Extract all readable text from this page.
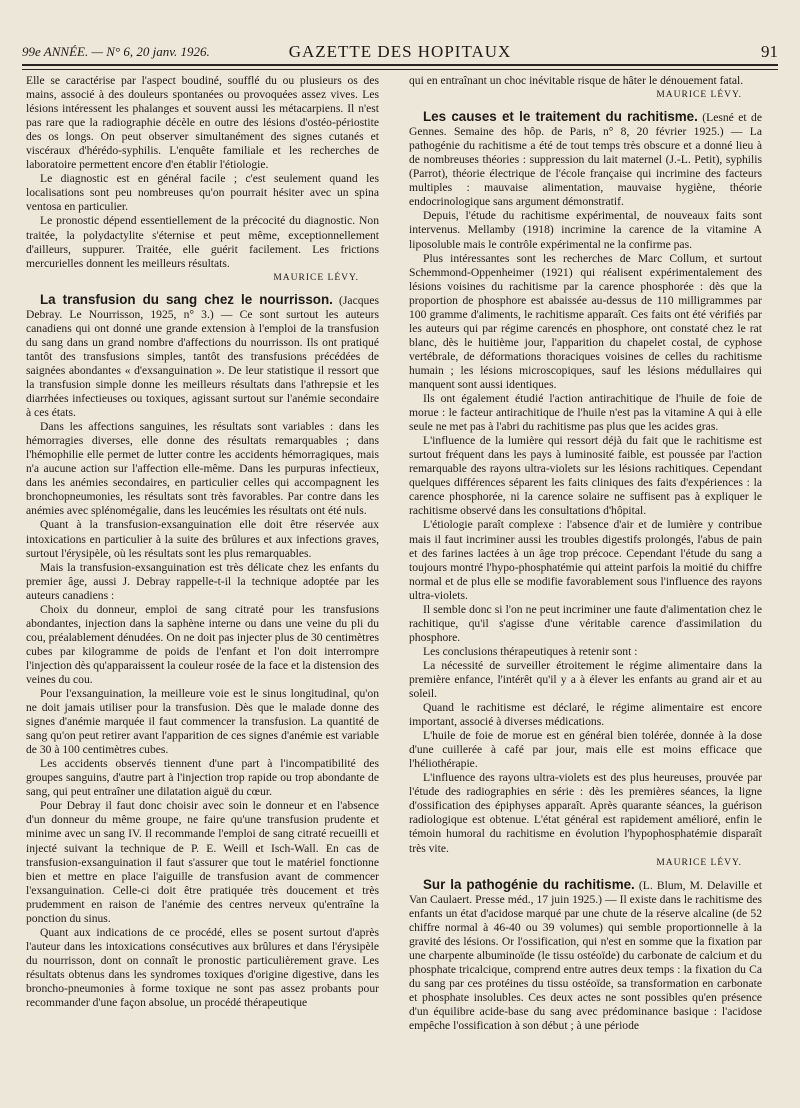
99e ANNÉE. — N° 6, 20 janv. 1926.	GAZETTE DES HOPITAUX	91

Elle se caractérise par l'aspect boudiné, soufflé du ou plusieurs os des mains, associé à des douleurs spontanées ou provoquées assez vives. Les lésions intéressent les phalanges et souvent aussi les métacarpiens. Il n'est pas rare que la radiographie décèle en outre des lésions d'ostéo-périostite des os longs. On peut observer simultanément des signes cutanés et viscéraux d'hérédo-syphilis. L'enquête familiale et les recherches de laboratoire permettent encore d'en établir l'étiologie.

Le diagnostic est en général facile ; c'est seulement quand les localisations sont peu nombreuses qu'on pourrait hésiter avec un spina ventosa en particulier.

Le pronostic dépend essentiellement de la précocité du diagnostic. Non traitée, la polydactylite s'éternise et peut même, exceptionnellement d'ailleurs, suppurer. Traitée, elle guérit facilement. Les frictions mercurielles donnent les meilleurs résultats.

MAURICE LÉVY.

La transfusion du sang chez le nourrisson. (Jacques Debray. Le Nourrisson, 1925, n° 3.) — Ce sont surtout les auteurs canadiens qui ont donné une grande extension à l'emploi de la transfusion du sang dans un grand nombre d'affections du nourrisson. Ils ont pratiqué tantôt des transfusions simples, tantôt des transfusions précédées de saignées abondantes « d'exsanguination ». De leur statistique il ressort que la transfusion simple donne les meilleurs résultats dans l'athrepsie et les diarrhées infectieuses ou toxiques, agissant surtout sur l'anémie secondaire à ces états.

Dans les affections sanguines, les résultats sont variables : dans les hémorragies diverses, elle donne des résultats remarquables ; dans l'hémophilie elle permet de lutter contre les accidents hémorragiques, mais n'a aucune action sur l'affection elle-même. Dans les purpuras infectieux, dans les anémies secondaires, en particulier celles qui accompagnent les bronchopneumonies, les résultats sont très favorables. Par contre dans les anémies avec splénomégalie, dans les leucémies les résultats ont été nuls.

Quant à la transfusion-exsanguination elle doit être réservée aux intoxications en particulier à la suite des brûlures et aux infections graves, surtout l'érysipèle, où les résultats sont les plus remarquables.

Mais la transfusion-exsanguination est très délicate chez les enfants du premier âge, aussi J. Debray rappelle-t-il la technique adoptée par les auteurs canadiens :

Choix du donneur, emploi de sang citraté pour les transfusions abondantes, injection dans la saphène interne ou dans une veine du pli du cou, préalablement dénudées. On ne doit pas injecter plus de 30 centimètres cubes par kilogramme de poids de l'enfant et l'on doit interrompre l'injection dès qu'apparaissent la couleur rosée de la face et la distension des veines du cou.

Pour l'exsanguination, la meilleure voie est le sinus longitudinal, qu'on ne doit jamais utiliser pour la transfusion. Dès que le malade donne des signes d'anémie marquée il faut commencer la transfusion. La quantité de sang qu'on peut retirer avant l'apparition de ces signes d'anémie est variable de 30 à 100 centimètres cubes.

Les accidents observés tiennent d'une part à l'incompatibilité des groupes sanguins, d'autre part à l'injection trop rapide ou trop abondante de sang, qui peut entraîner une dilatation aiguë du cœur.

Pour Debray il faut donc choisir avec soin le donneur et en l'absence d'un donneur du même groupe, ne faire qu'une transfusion prudente et minime avec un sang IV. Il recommande l'emploi de sang citraté recueilli et injecté suivant la technique de P. E. Weill et Isch-Wall. En cas de transfusion-exsanguination il faut s'assurer que tout le matériel fonctionne bien et mettre en place l'aiguille de transfusion avant de commencer l'exsanguination. Celle-ci doit être pratiquée très doucement et très prudemment en raison de l'anémie des centres nerveux qu'entraîne la ponction du sinus.

Quant aux indications de ce procédé, elles se posent surtout d'après l'auteur dans les intoxications consécutives aux brûlures et dans l'érysipèle du nourrisson, dont on connaît le pronostic particulièrement grave. Les résultats obtenus dans les syndromes toxiques d'origine digestive, dans les broncho-pneumonies à forme toxique ne sont pas assez probants pour recommander d'une façon absolue, un procédé thérapeutique

qui en entraînant un choc inévitable risque de hâter le dénouement fatal.

MAURICE LÉVY.

Les causes et le traitement du rachitisme. (Lesné et de Gennes. Semaine des hôp. de Paris, n° 8, 20 février 1925.) — La pathogénie du rachitisme a été de tout temps très obscure et a donné lieu à de nombreuses théories : suppression du lait maternel (J.-L. Petit), syphilis (Parrot), théorie électrique de l'école française qui incrimine des facteurs multiples : mauvaise alimentation, mauvaise hygiène, théorie endocrinologique sans argument démonstratif.

Depuis, l'étude du rachitisme expérimental, de nouveaux faits sont intervenus. Mellamby (1918) incrimine la carence de la vitamine A liposoluble mais le contrôle expérimental ne la confirme pas.

Plus intéressantes sont les recherches de Marc Collum, et surtout Schemmond-Oppenheimer (1921) qui réalisent expérimentalement des lésions voisines du rachitisme par la carence phosphorée : dès que la proportion de phosphore est abaissée au-dessus de 110 milligrammes par 100 gramme d'aliments, le rachitisme apparaît. Ces faits ont été vérifiés par les auteurs qui par régime carencés en phosphore, ont constaté chez le rat blanc, dès le huitième jour, l'apparition du chapelet costal, de cyphose vertébrale, de déformations thoraciques voisines de celles du rachitisme humain ; les lésions microscopiques, sauf les lésions médullaires qui manquent sont aussi identiques.

Ils ont également étudié l'action antirachitique de l'huile de foie de morue : le facteur antirachitique de l'huile n'est pas la vitamine A qui à elle seule ne met pas à l'abri du rachitisme pas plus que les acides gras.

L'influence de la lumière qui ressort déjà du fait que le rachitisme est surtout fréquent dans les pays à luminosité faible, est poussée par l'action remarquable des rayons ultra-violets sur les lésions rachitiques. Cependant quelques différences séparent les faits cliniques des faits d'expériences : la carence phosphorée, ni la carence solaire ne suffisent pas à expliquer le rachitisme observé dans les consultations d'hôpital.

L'étiologie paraît complexe : l'absence d'air et de lumière y contribue mais il faut incriminer aussi les troubles digestifs prolongés, l'abus de pain et des farines lactées à un âge trop précoce. Cependant l'étude du sang a toujours montré l'hypo-phosphatémie qui atteint parfois la moitié du chiffre normal et de plus elle se modifie favorablement sous l'influence des rayons ultra-violets.

Il semble donc si l'on ne peut incriminer une faute d'alimentation chez le rachitique, qu'il s'agisse d'une véritable carence d'assimilation du phosphore.

Les conclusions thérapeutiques à retenir sont :

La nécessité de surveiller étroitement le régime alimentaire dans la première enfance, l'intérêt qu'il y a à élever les enfants au grand air et au soleil.

Quand le rachitisme est déclaré, le régime alimentaire est encore important, associé à diverses médications.

L'huile de foie de morue est en général bien tolérée, donnée à la dose d'une cuillerée à café par jour, mais elle est moins efficace que l'héliothérapie.

L'influence des rayons ultra-violets est des plus heureuses, prouvée par l'étude des radiographies en série : dès les premières séances, la ligne d'ossification des épiphyses apparaît. Après quarante séances, la guérison radiologique est obtenue. L'état général est rapidement amélioré, enfin le témoin humoral du rachitisme en évolution l'hypophosphatémie disparaît très vite.

MAURICE LÉVY.

Sur la pathogénie du rachitisme. (L. Blum, M. Delaville et Van Caulaert. Presse méd., 17 juin 1925.) — Il existe dans le rachitisme des enfants un état d'acidose marqué par une chute de la réserve alcaline (de 52 chiffre normal à 46-40 ou 39 volumes) qui semble proportionnelle à la gravité des lésions. Or l'ossification, qui n'est en somme que la fixation par une charpente albuminoïde (le tissu ostéoïde) du carbonate de calcium et du phosphate tricalcique, comprend entre autres deux temps : la fixation du Ca du sang par ces protéines du tissu ostéoïde, sa transformation en carbonate et phosphate insolubles. Ces deux actes ne sont possibles qu'en présence d'un équilibre acide-base du sang avec prédominance basique : l'acidose empêche l'ossification à son début ; à une période
